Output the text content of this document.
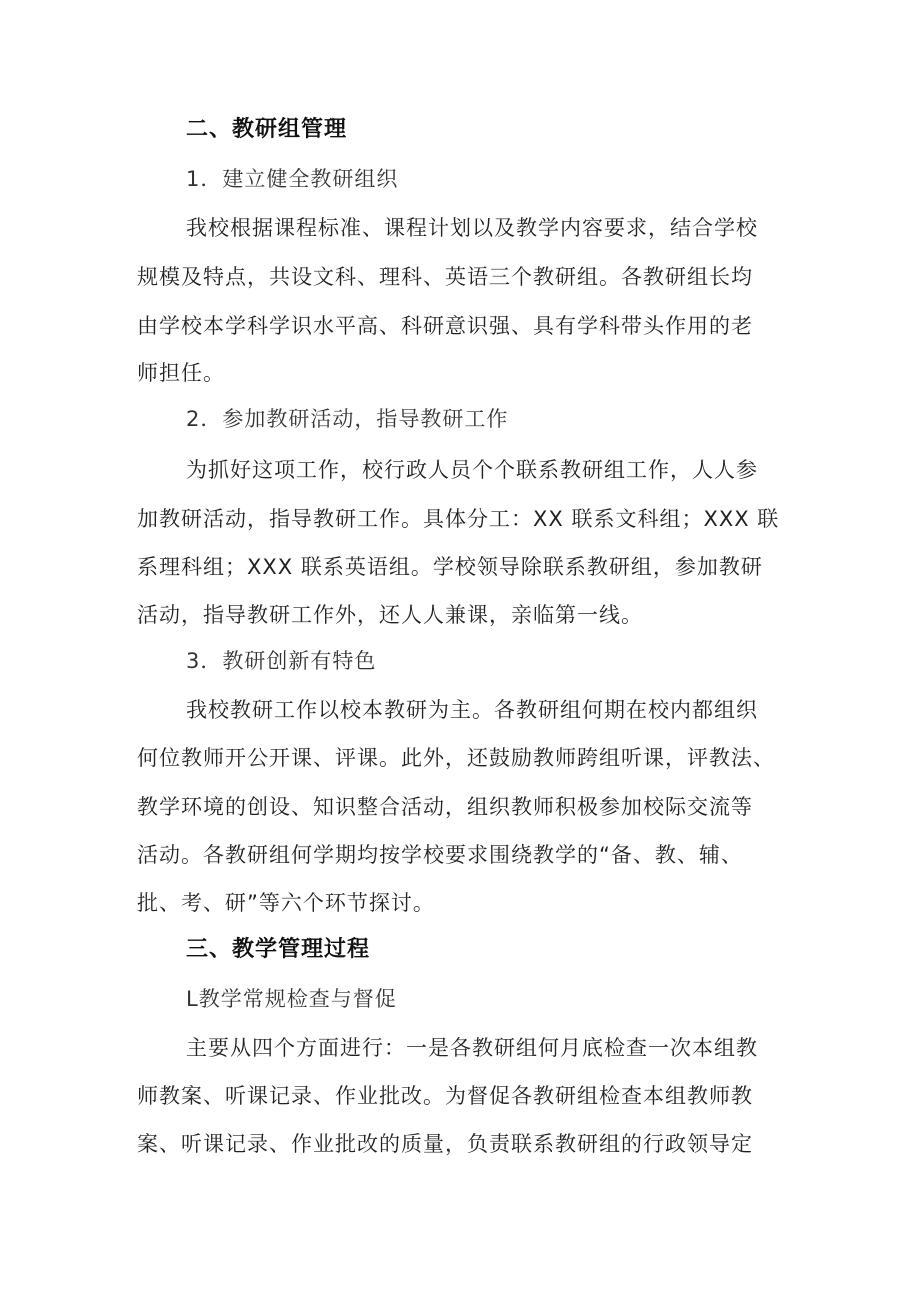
二、教研组管理

1．建立健全教研组织

我校根据课程标准、课程计划以及教学内容要求，结合学校

规模及特点，共设文科、理科、英语三个教研组。各教研组长均

由学校本学科学识水平高、科研意识强、具有学科带头作用的老

师担任。

2．参加教研活动，指导教研工作

为抓好这项工作，校行政人员个个联系教研组工作，人人参

加教研活动，指导教研工作。具体分工：XX 联系文科组；XXX 联

系理科组；XXX 联系英语组。学校领导除联系教研组，参加教研

活动，指导教研工作外，还人人兼课，亲临第一线。

3．教研创新有特色

我校教研工作以校本教研为主。各教研组何期在校内都组织

何位教师开公开课、评课。此外，还鼓励教师跨组听课，评教法、

教学环境的创设、知识整合活动，组织教师积极参加校际交流等

活动。各教研组何学期均按学校要求围绕教学的“备、教、辅、

批、考、研”等六个环节探讨。

三、教学管理过程

L教学常规检查与督促

主要从四个方面进行：一是各教研组何月底检查一次本组教

师教案、听课记录、作业批改。为督促各教研组检查本组教师教

案、听课记录、作业批改的质量，负责联系教研组的行政领导定
